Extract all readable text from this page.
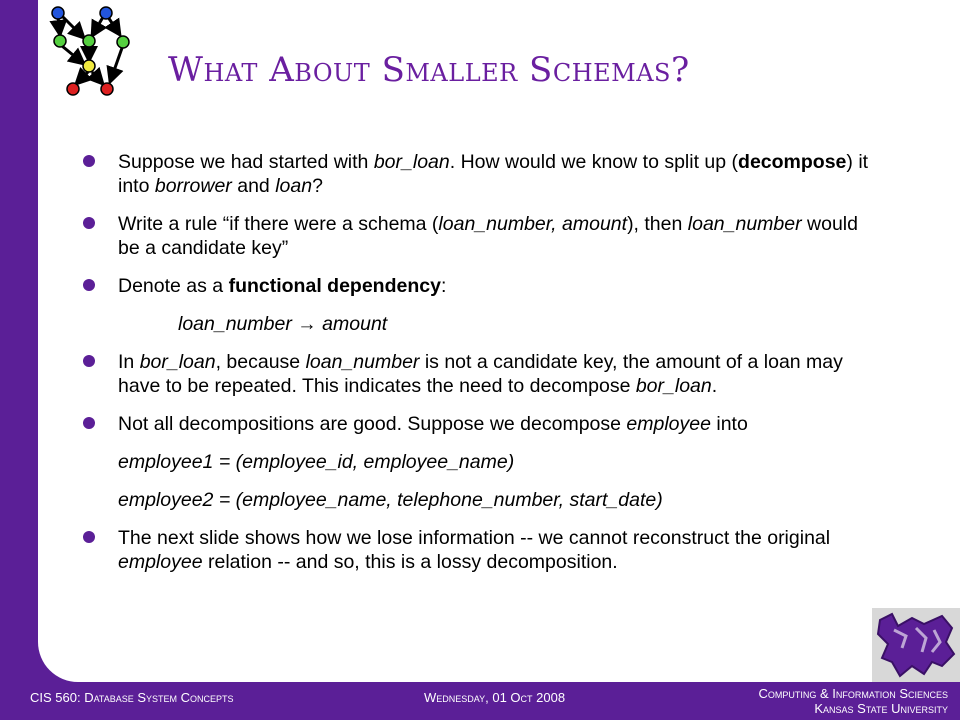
What About Smaller Schemas?
Suppose we had started with bor_loan. How would we know to split up (decompose) it into borrower and loan?
Write a rule “if there were a schema (loan_number, amount), then loan_number would be a candidate key”
Denote as a functional dependency:
loan_number → amount
In bor_loan, because loan_number is not a candidate key, the amount of a loan may have to be repeated. This indicates the need to decompose bor_loan.
Not all decompositions are good. Suppose we decompose employee into
employee1 = (employee_id, employee_name)
employee2 = (employee_name, telephone_number, start_date)
The next slide shows how we lose information -- we cannot reconstruct the original employee relation -- and so, this is a lossy decomposition.
CIS 560: Database System Concepts	Wednesday, 01 Oct 2008	Computing & Information Sciences
Kansas State University
